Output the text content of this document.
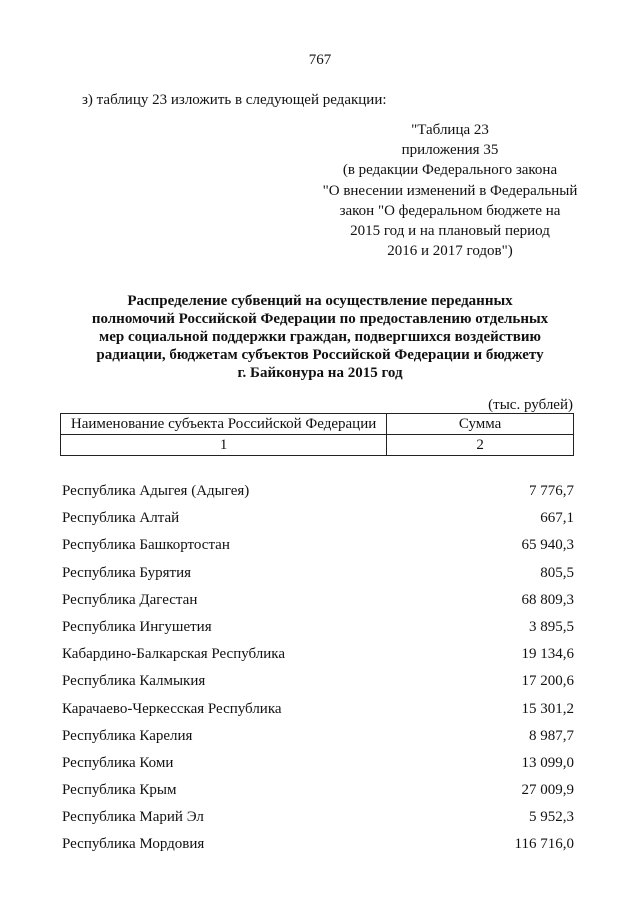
767
з) таблицу 23 изложить в следующей редакции:
"Таблица 23
приложения 35
(в редакции Федерального закона
"О внесении изменений в Федеральный
закон "О федеральном бюджете на
2015 год и на плановый период
2016 и 2017 годов")
Распределение субвенций на осуществление переданных
полномочий Российской Федерации по предоставлению отдельных
мер социальной поддержки граждан, подвергшихся воздействию
радиации, бюджетам субъектов Российской Федерации и бюджету
г. Байконура на 2015 год
(тыс. рублей)
Наименование субъекта Российской Федерации	Сумма
1	2
Республика Адыгея (Адыгея)	7 776,7
Республика Алтай	667,1
Республика Башкортостан	65 940,3
Республика Бурятия	805,5
Республика Дагестан	68 809,3
Республика Ингушетия	3 895,5
Кабардино-Балкарская Республика	19 134,6
Республика Калмыкия	17 200,6
Карачаево-Черкесская Республика	15 301,2
Республика Карелия	8 987,7
Республика Коми	13 099,0
Республика Крым	27 009,9
Республика Марий Эл	5 952,3
Республика Мордовия	116 716,0
